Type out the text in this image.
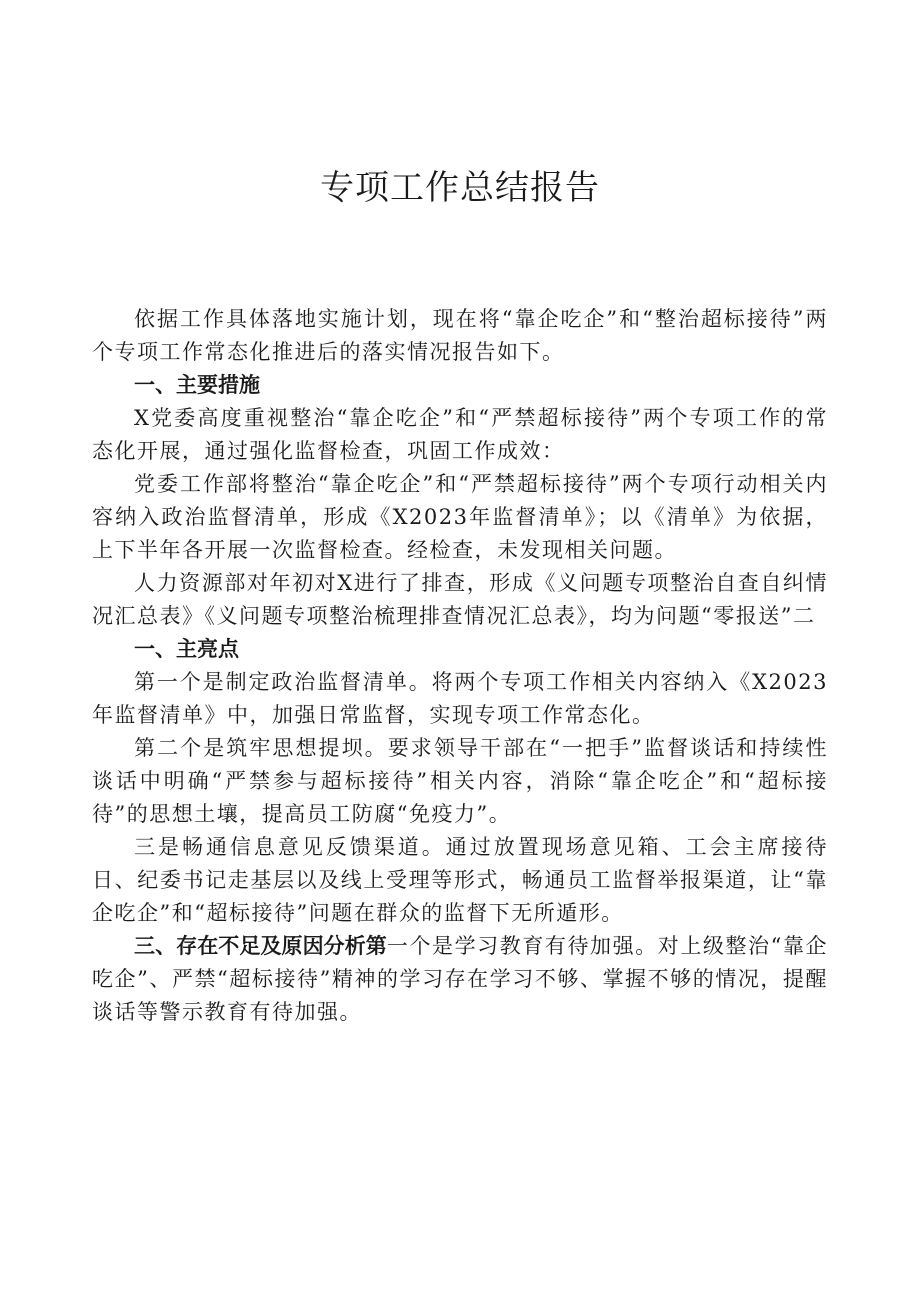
专项工作总结报告

依据工作具体落地实施计划，现在将“靠企吃企”和“整治超标接待”两个专项工作常态化推进后的落实情况报告如下。

一、主要措施

X党委高度重视整治“靠企吃企”和“严禁超标接待”两个专项工作的常态化开展，通过强化监督检查，巩固工作成效：

党委工作部将整治“靠企吃企”和“严禁超标接待”两个专项行动相关内容纳入政治监督清单，形成《X2023年监督清单》；以《清单》为依据，上下半年各开展一次监督检查。经检查，未发现相关问题。

人力资源部对年初对X进行了排查，形成《义问题专项整治自查自纠情况汇总表》《义问题专项整治梳理排查情况汇总表》，均为问题“零报送”二

一、主亮点

第一个是制定政治监督清单。将两个专项工作相关内容纳入《X2023年监督清单》中，加强日常监督，实现专项工作常态化。

第二个是筑牢思想提坝。要求领导干部在“一把手”监督谈话和持续性谈话中明确“严禁参与超标接待”相关内容，消除“靠企吃企”和“超标接待”的思想土壤，提高员工防腐“免疫力”。

三是畅通信息意见反馈渠道。通过放置现场意见箱、工会主席接待日、纪委书记走基层以及线上受理等形式，畅通员工监督举报渠道，让“靠企吃企”和“超标接待”问题在群众的监督下无所遁形。

三、存在不足及原因分析第一个是学习教育有待加强。对上级整治“靠企吃企”、严禁“超标接待”精神的学习存在学习不够、掌握不够的情况，提醒谈话等警示教育有待加强。
